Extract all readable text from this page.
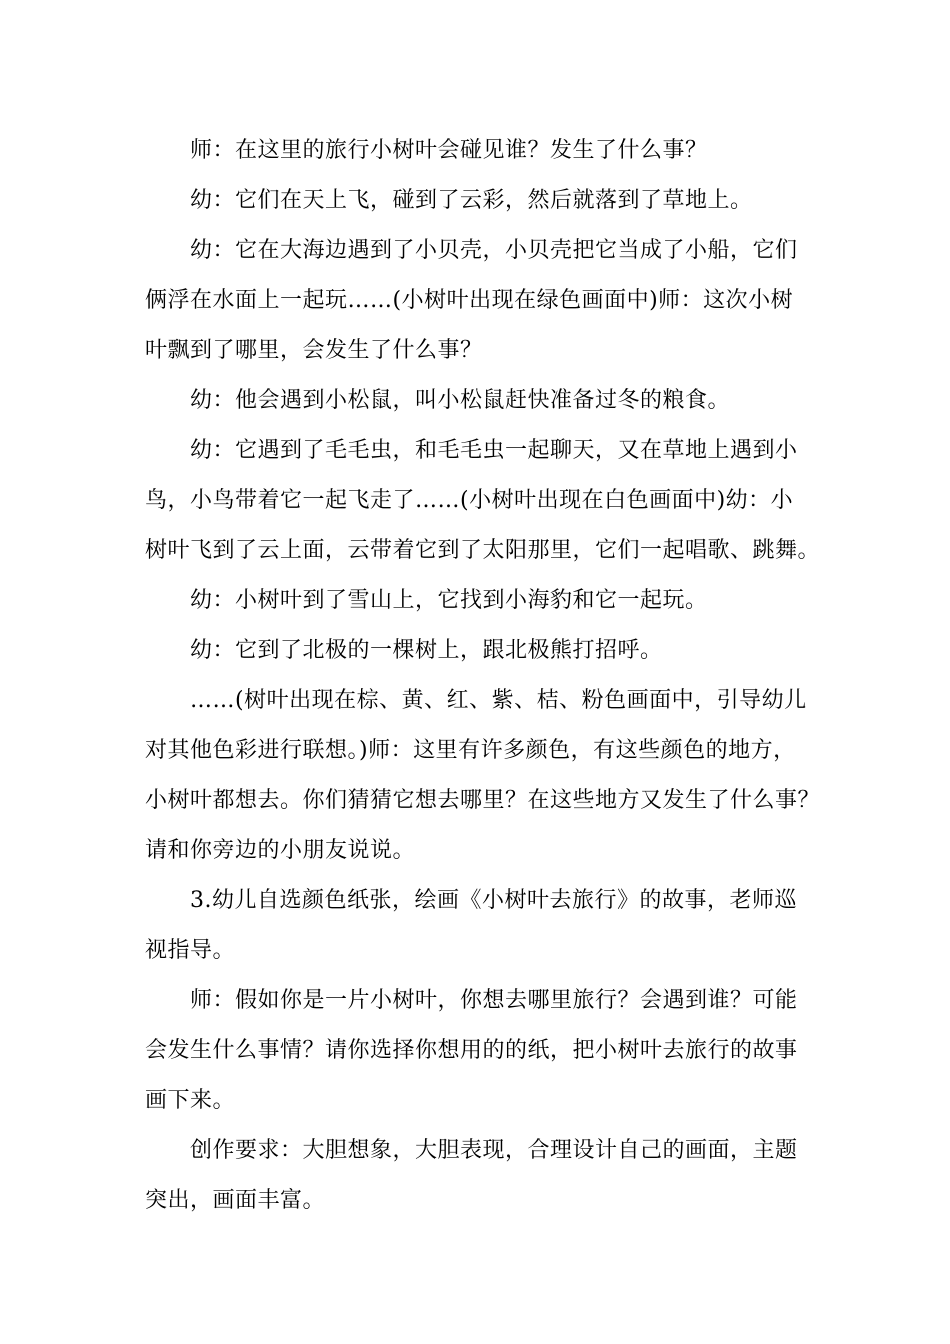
师：在这里的旅行小树叶会碰见谁？发生了什么事？

幼：它们在天上飞，碰到了云彩，然后就落到了草地上。

幼：它在大海边遇到了小贝壳，小贝壳把它当成了小船，它们

俩浮在水面上一起玩……(小树叶出现在绿色画面中)师：这次小树

叶飘到了哪里，会发生了什么事？

幼：他会遇到小松鼠，叫小松鼠赶快准备过冬的粮食。

幼：它遇到了毛毛虫，和毛毛虫一起聊天，又在草地上遇到小

鸟，小鸟带着它一起飞走了……(小树叶出现在白色画面中)幼：小

树叶飞到了云上面，云带着它到了太阳那里，它们一起唱歌、跳舞。

幼：小树叶到了雪山上，它找到小海豹和它一起玩。

幼：它到了北极的一棵树上，跟北极熊打招呼。

……(树叶出现在棕、黄、红、紫、桔、粉色画面中，引导幼儿

对其他色彩进行联想。)师：这里有许多颜色，有这些颜色的地方，

小树叶都想去。你们猜猜它想去哪里？在这些地方又发生了什么事？

请和你旁边的小朋友说说。

3.幼儿自选颜色纸张，绘画《小树叶去旅行》的故事，老师巡

视指导。

师：假如你是一片小树叶，你想去哪里旅行？会遇到谁？可能

会发生什么事情？请你选择你想用的的纸，把小树叶去旅行的故事

画下来。

创作要求：大胆想象，大胆表现，合理设计自己的画面，主题

突出，画面丰富。
